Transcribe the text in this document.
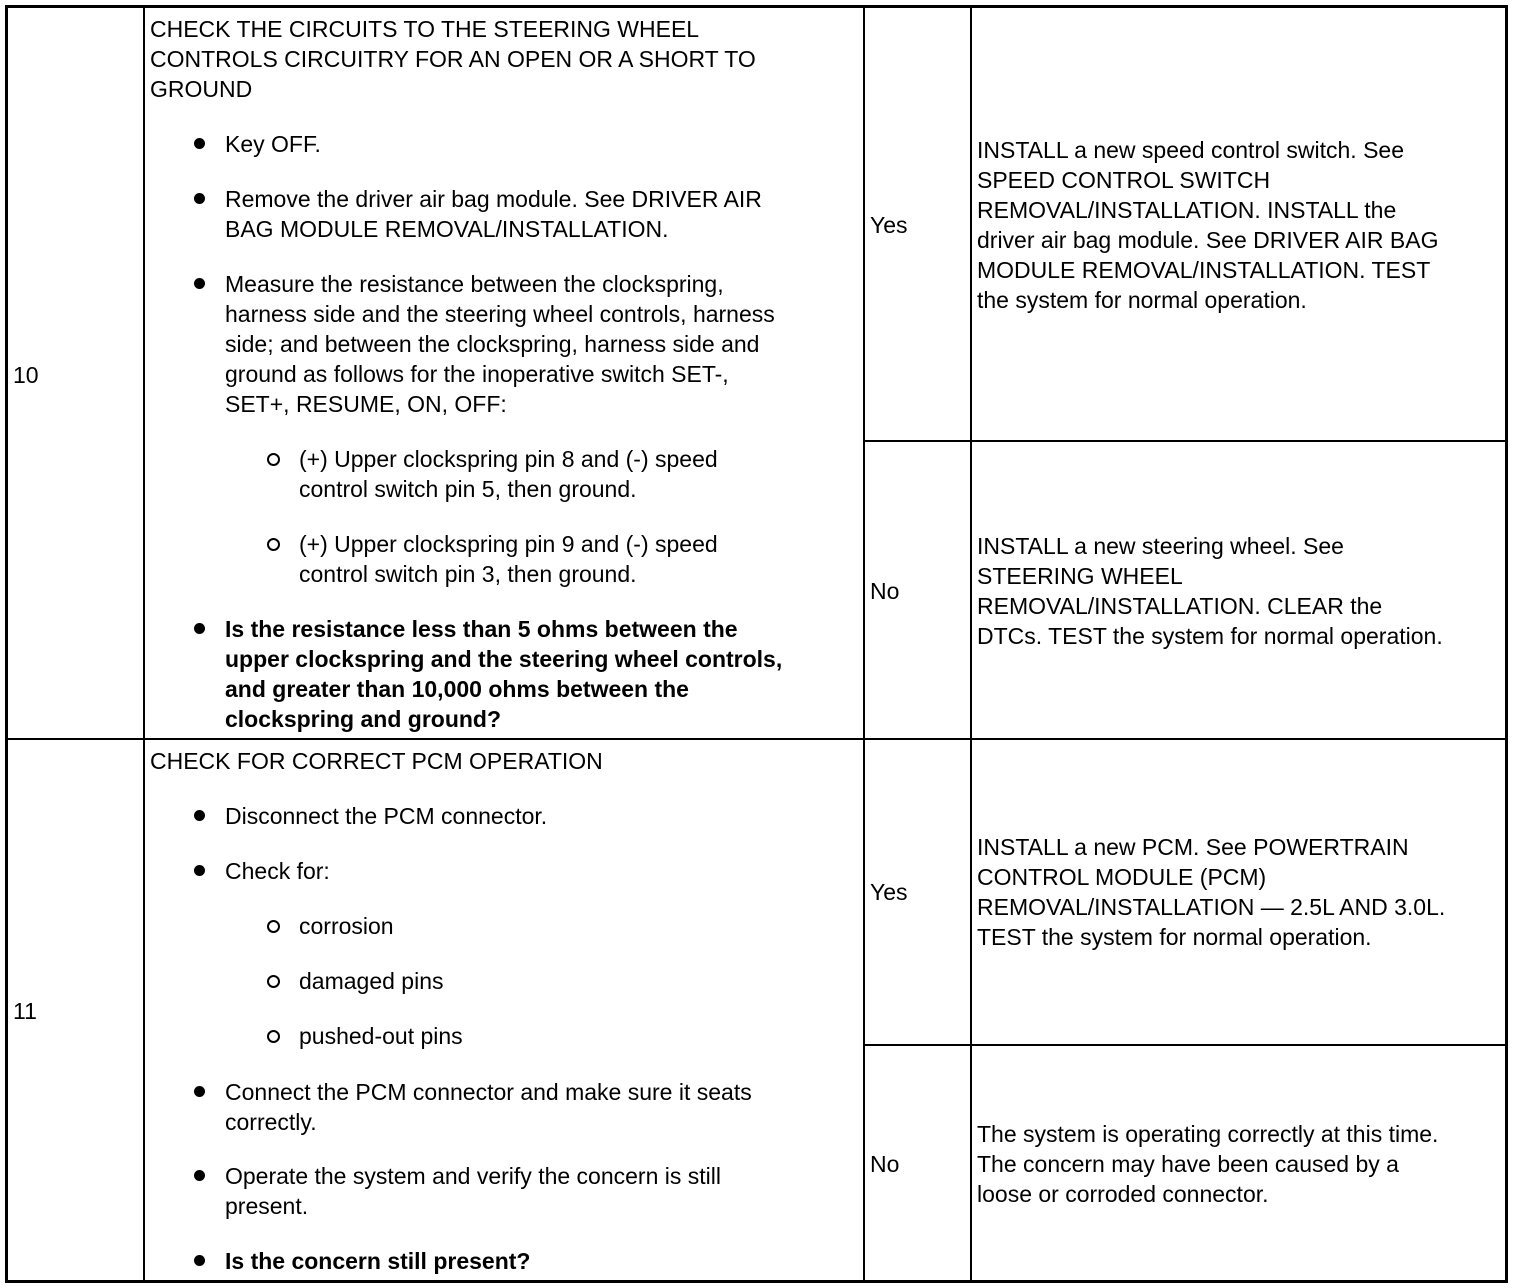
10
CHECK THE CIRCUITS TO THE STEERING WHEEL
CONTROLS CIRCUITRY FOR AN OPEN OR A SHORT TO
GROUND
Key OFF.
Remove the driver air bag module. See DRIVER AIR
BAG MODULE REMOVAL/INSTALLATION.
Measure the resistance between the clockspring,
harness side and the steering wheel controls, harness
side; and between the clockspring, harness side and
ground as follows for the inoperative switch SET-,
SET+, RESUME, ON, OFF:
(+) Upper clockspring pin 8 and (-) speed
control switch pin 5, then ground.
(+) Upper clockspring pin 9 and (-) speed
control switch pin 3, then ground.
Is the resistance less than 5 ohms between the
upper clockspring and the steering wheel controls,
and greater than 10,000 ohms between the
clockspring and ground?
Yes
INSTALL a new speed control switch. See
SPEED CONTROL SWITCH
REMOVAL/INSTALLATION. INSTALL the
driver air bag module. See DRIVER AIR BAG
MODULE REMOVAL/INSTALLATION. TEST
the system for normal operation.
No
INSTALL a new steering wheel. See
STEERING WHEEL
REMOVAL/INSTALLATION. CLEAR the
DTCs. TEST the system for normal operation.
11
CHECK FOR CORRECT PCM OPERATION
Disconnect the PCM connector.
Check for:
corrosion
damaged pins
pushed-out pins
Connect the PCM connector and make sure it seats
correctly.
Operate the system and verify the concern is still
present.
Is the concern still present?
Yes
INSTALL a new PCM. See POWERTRAIN
CONTROL MODULE (PCM)
REMOVAL/INSTALLATION — 2.5L AND 3.0L.
TEST the system for normal operation.
No
The system is operating correctly at this time.
The concern may have been caused by a
loose or corroded connector.
